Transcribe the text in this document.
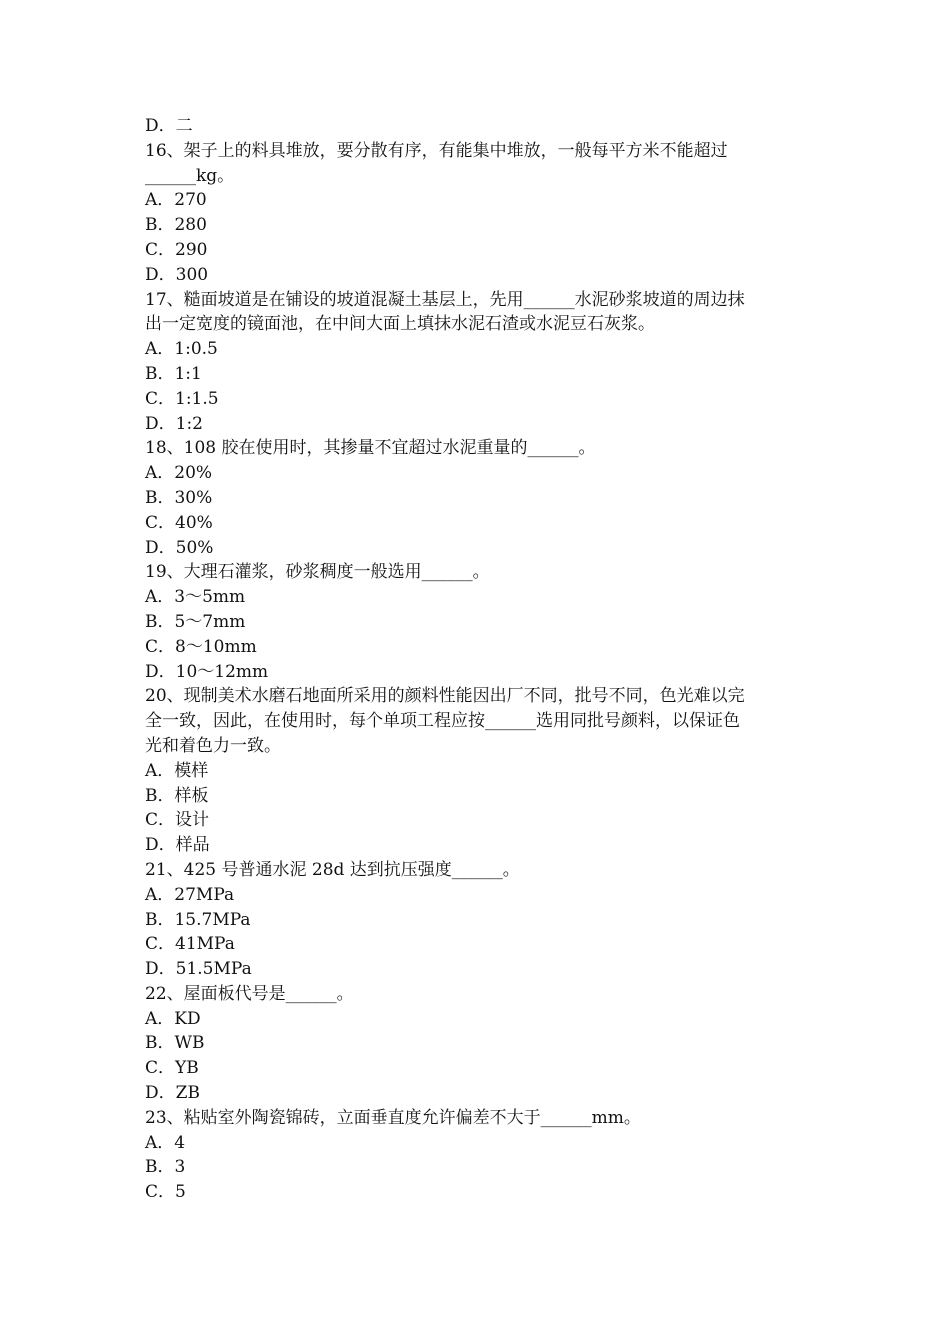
D．二
16、架子上的料具堆放，要分散有序，有能集中堆放，一般每平方米不能超过
______kg。
A．270
B．280
C．290
D．300
17、糙面坡道是在铺设的坡道混凝土基层上，先用______水泥砂浆坡道的周边抹
出一定宽度的镜面池，在中间大面上填抹水泥石渣或水泥豆石灰浆。
A．1:0.5
B．1:1
C．1:1.5
D．1:2
18、108 胶在使用时，其掺量不宜超过水泥重量的______。
A．20%
B．30%
C．40%
D．50%
19、大理石灌浆，砂浆稠度一般选用______。
A．3～5mm
B．5～7mm
C．8～10mm
D．10～12mm
20、现制美术水磨石地面所采用的颜料性能因出厂不同，批号不同，色光难以完
全一致，因此，在使用时，每个单项工程应按______选用同批号颜料，以保证色
光和着色力一致。
A．模样
B．样板
C．设计
D．样品
21、425 号普通水泥 28d 达到抗压强度______。
A．27MPa
B．15.7MPa
C．41MPa
D．51.5MPa
22、屋面板代号是______。
A．KD
B．WB
C．YB
D．ZB
23、粘贴室外陶瓷锦砖，立面垂直度允许偏差不大于______mm。
A．4
B．3
C．5
